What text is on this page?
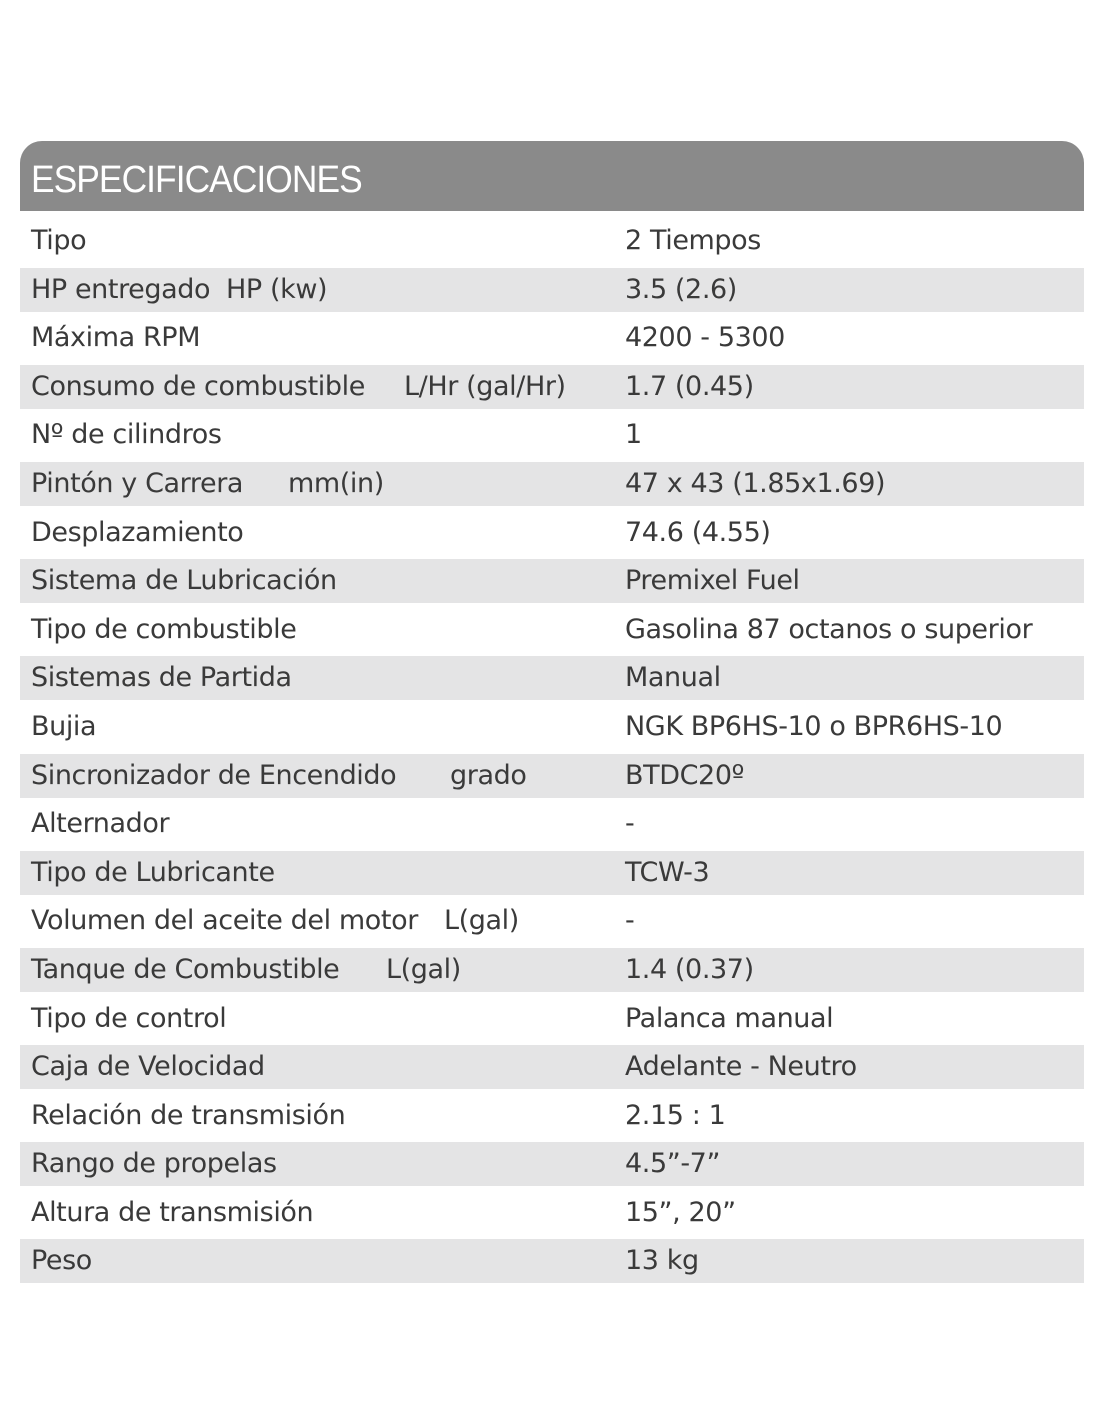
ESPECIFICACIONES
Tipo	2 Tiempos
HP entregado HP (kw)	3.5 (2.6)
Máxima RPM	4200 - 5300
Consumo de combustible L/Hr (gal/Hr) 1.7 (0.45)
Nº de cilindros	1
Pintón y Carrera mm(in)	47 x 43 (1.85x1.69)
Desplazamiento	74.6 (4.55)
Sistema de Lubricación	Premixel Fuel
Tipo de combustible	Gasolina 87 octanos o superior
Sistemas de Partida	Manual
Bujia	NGK BP6HS-10 o BPR6HS-10
Sincronizador de Encendido grado	BTDC20º
Alternador	-
Tipo de Lubricante	TCW-3
Volumen del aceite del motor L(gal)	-
Tanque de Combustible L(gal)	1.4 (0.37)
Tipo de control	Palanca manual
Caja de Velocidad	Adelante - Neutro
Relación de transmisión	2.15 : 1
Rango de propelas	4.5”-7”
Altura de transmisión	15”, 20”
Peso	13 kg
